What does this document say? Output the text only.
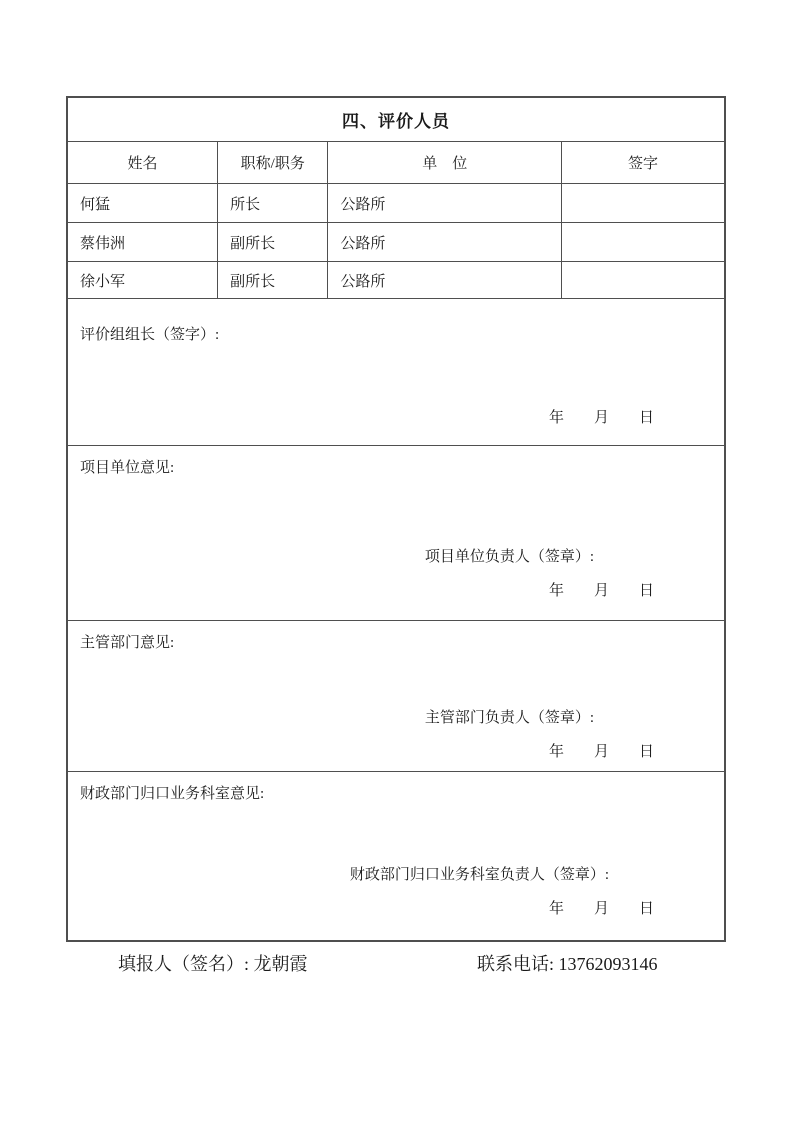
四、评价人员
姓名	职称/职务	单　位	签字
何猛	所长	公路所
蔡伟洲	副所长	公路所
徐小军	副所长	公路所
评价组组长（签字）:
年　　月　　日
项目单位意见:
项目单位负责人（签章）:
年　　月　　日
主管部门意见:
主管部门负责人（签章）:
年　　月　　日
财政部门归口业务科室意见:
财政部门归口业务科室负责人（签章）:
年　　月　　日
填报人（签名）: 龙朝霞	联系电话: 13762093146
